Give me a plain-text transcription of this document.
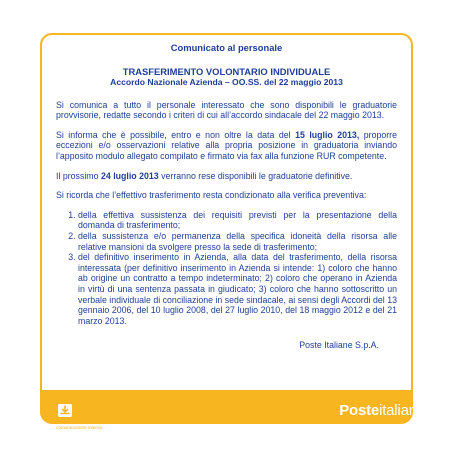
Comunicato al personale

TRASFERIMENTO VOLONTARIO INDIVIDUALE

Accordo Nazionale Azienda – OO.SS. del 22 maggio 2013

Si comunica a tutto il personale interessato che sono disponibili le graduatorie provvisorie, redatte secondo i criteri di cui all’accordo sindacale del 22 maggio 2013.

Si informa che è possibile, entro e non oltre la data del 15 luglio 2013, proporre eccezioni e/o osservazioni relative alla propria posizione in graduatoria inviando l’apposito modulo allegato compilato e firmato via fax alla funzione RUR competente.

Il prossimo 24 luglio 2013 verranno rese disponibili le graduatorie definitive.

Si ricorda che l’effettivo trasferimento resta condizionato alla verifica preventiva:

1. della effettiva sussistenza dei requisiti previsti per la presentazione della domanda di trasferimento;
2. della sussistenza e/o permanenza della specifica idoneità della risorsa alle relative mansioni da svolgere presso la sede di trasferimento;
3. del definitivo inserimento in Azienda, alla data del trasferimento, della risorsa interessata (per definitivo inserimento in Azienda si intende: 1) coloro che hanno ab origine un contratto a tempo indeterminato; 2) coloro che operano in Azienda in virtù di una sentenza passata in giudicato; 3) coloro che hanno sottoscritto un verbale individuale di conciliazione in sede sindacale, ai sensi degli Accordi del 13 gennaio 2006, del 10 luglio 2008, del 27 luglio 2010, del 18 maggio 2012 e del 21 marzo 2013.

Poste Italiane S.p.A.

Posteitaliane
comunicazione interna
